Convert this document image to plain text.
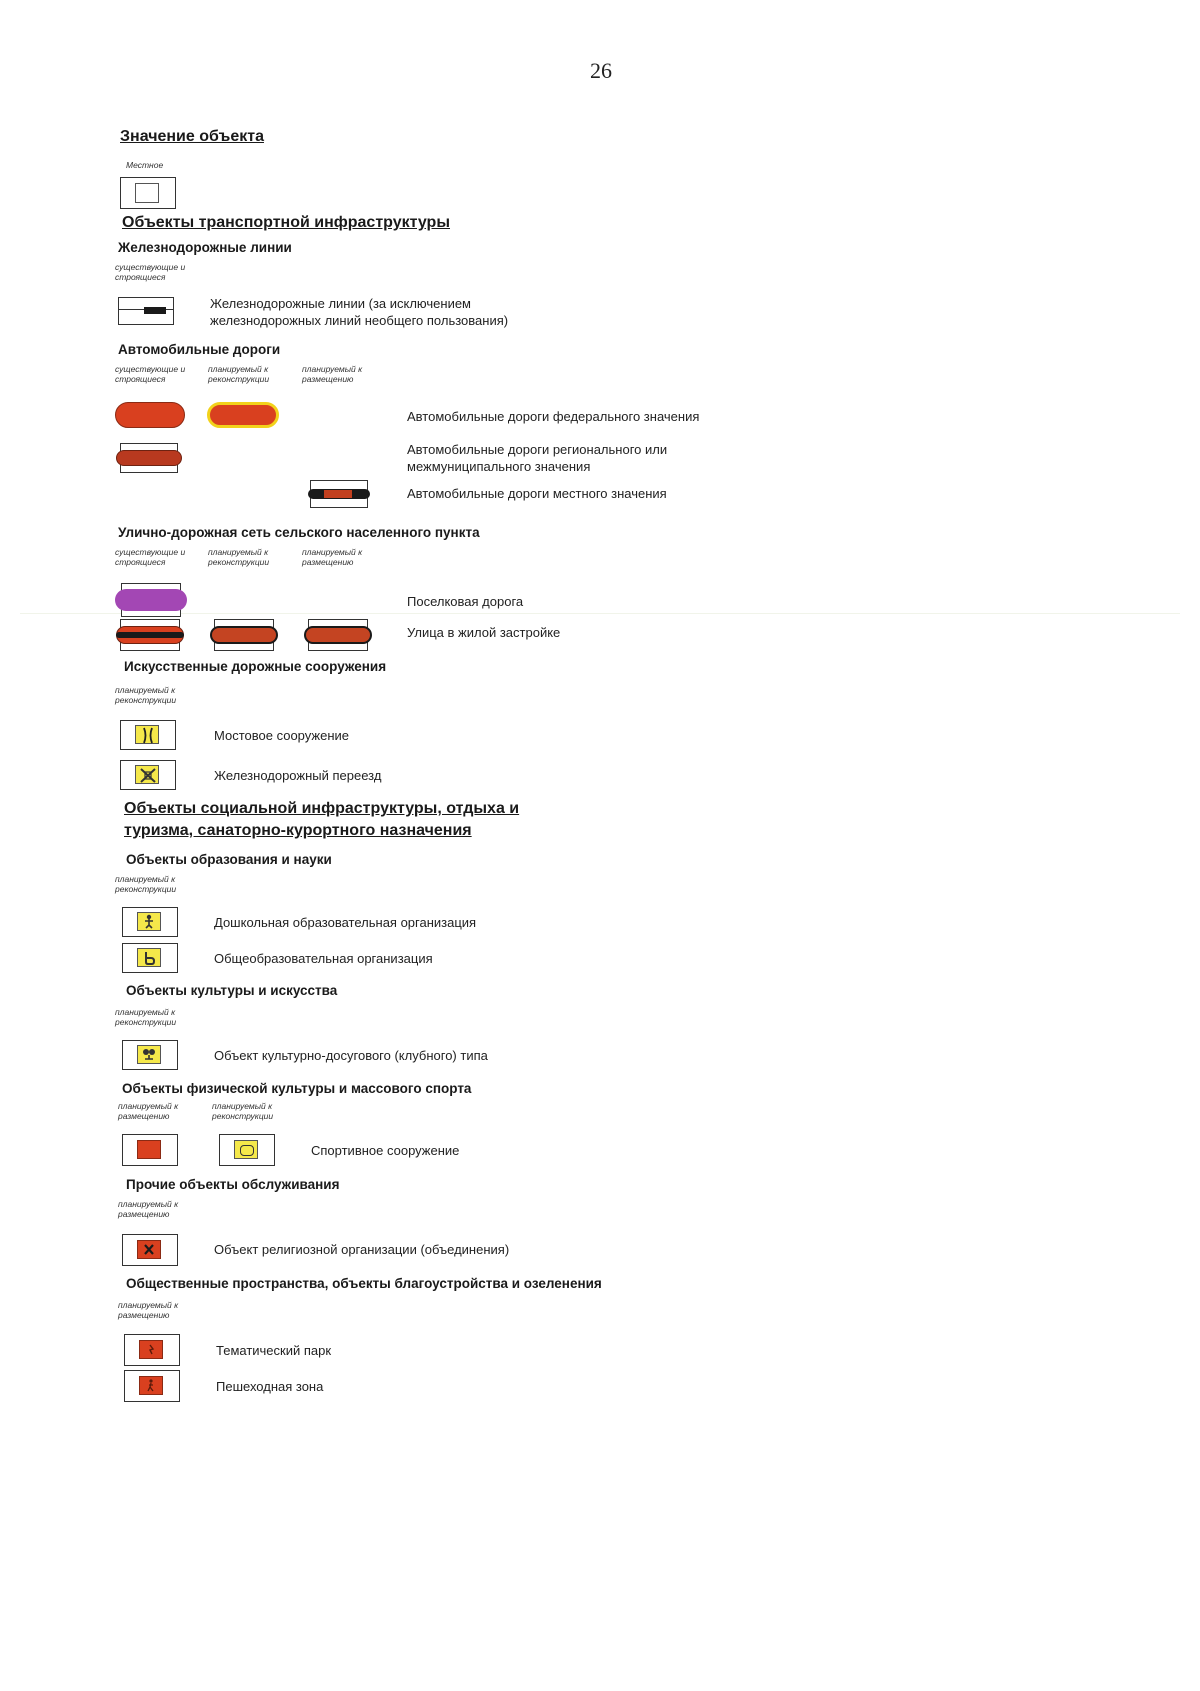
26
Значение объекта
Местное
Объекты транспортной инфраструктуры
Железнодорожные линии
существующие и строящиеся
Железнодорожные линии (за исключением железнодорожных линий необщего пользования)
Автомобильные дороги
существующие и строящиеся
планируемый к реконструкции
планируемый к размещению
Автомобильные дороги федерального значения
Автомобильные дороги регионального или межмуниципального значения
Автомобильные дороги местного значения
Улично-дорожная сеть сельского населенного пункта
существующие и строящиеся
планируемый к реконструкции
планируемый к размещению
Поселковая дорога
Улица в жилой застройке
Искусственные дорожные сооружения
планируемый к реконструкции
Мостовое сооружение
Железнодорожный переезд
Объекты социальной инфраструктуры, отдыха и
туризма, санаторно-курортного назначения
Объекты образования и науки
планируемый к реконструкции
Дошкольная образовательная организация
Общеобразовательная организация
Объекты культуры и искусства
планируемый к реконструкции
Объект культурно-досугового (клубного) типа
Объекты физической культуры и массового спорта
планируемый к размещению
планируемый к реконструкции
Спортивное сооружение
Прочие объекты обслуживания
планируемый к размещению
Объект религиозной организации (объединения)
Общественные пространства, объекты благоустройства и озеленения
планируемый к размещению
Тематический парк
Пешеходная зона
